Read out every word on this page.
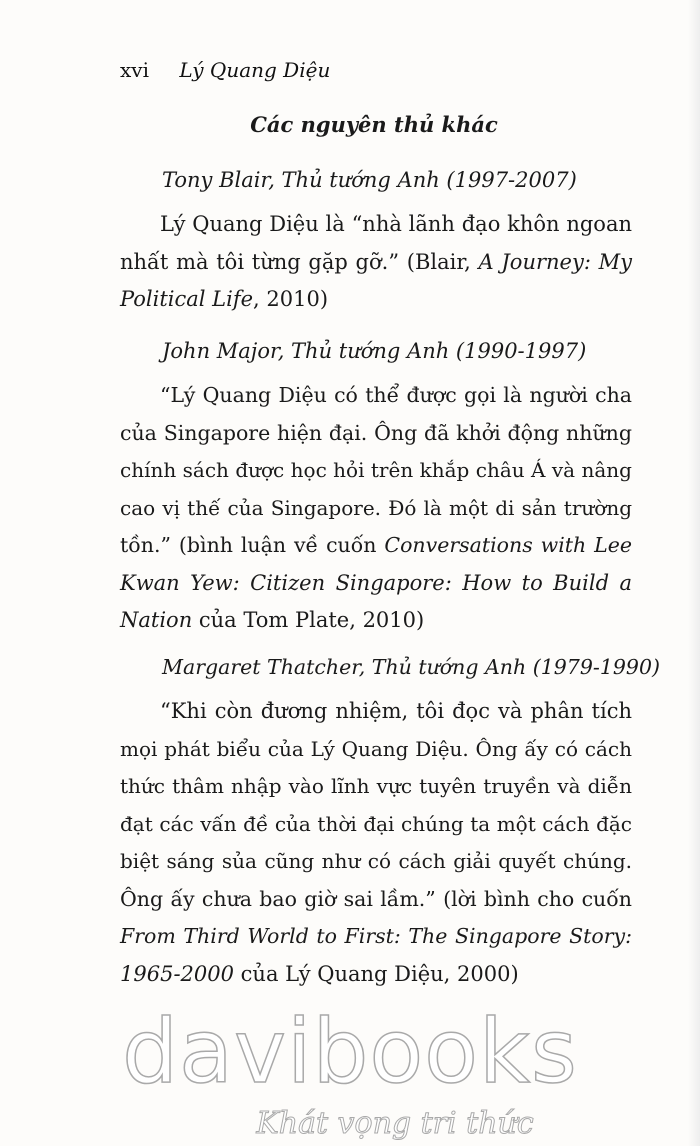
xvi Lý Quang Diệu
Các nguyên thủ khác
Tony Blair, Thủ tướng Anh (1997-2007)
Lý Quang Diệu là “nhà lãnh đạo khôn ngoan
nhất mà tôi từng gặp gỡ.” (Blair, A Journey: My
Political Life, 2010)
John Major, Thủ tướng Anh (1990-1997)
“Lý Quang Diệu có thể được gọi là người cha
của Singapore hiện đại. Ông đã khởi động những
chính sách được học hỏi trên khắp châu Á và nâng
cao vị thế của Singapore. Đó là một di sản trường
tồn.” (bình luận về cuốn Conversations with Lee
Kwan Yew: Citizen Singapore: How to Build a
Nation của Tom Plate, 2010)
Margaret Thatcher, Thủ tướng Anh (1979-1990)
“Khi còn đương nhiệm, tôi đọc và phân tích
mọi phát biểu của Lý Quang Diệu. Ông ấy có cách
thức thâm nhập vào lĩnh vực tuyên truyền và diễn
đạt các vấn đề của thời đại chúng ta một cách đặc
biệt sáng sủa cũng như có cách giải quyết chúng.
Ông ấy chưa bao giờ sai lầm.” (lời bình cho cuốn
From Third World to First: The Singapore Story:
1965-2000 của Lý Quang Diệu, 2000)
davibooks
Khát vọng tri thức
